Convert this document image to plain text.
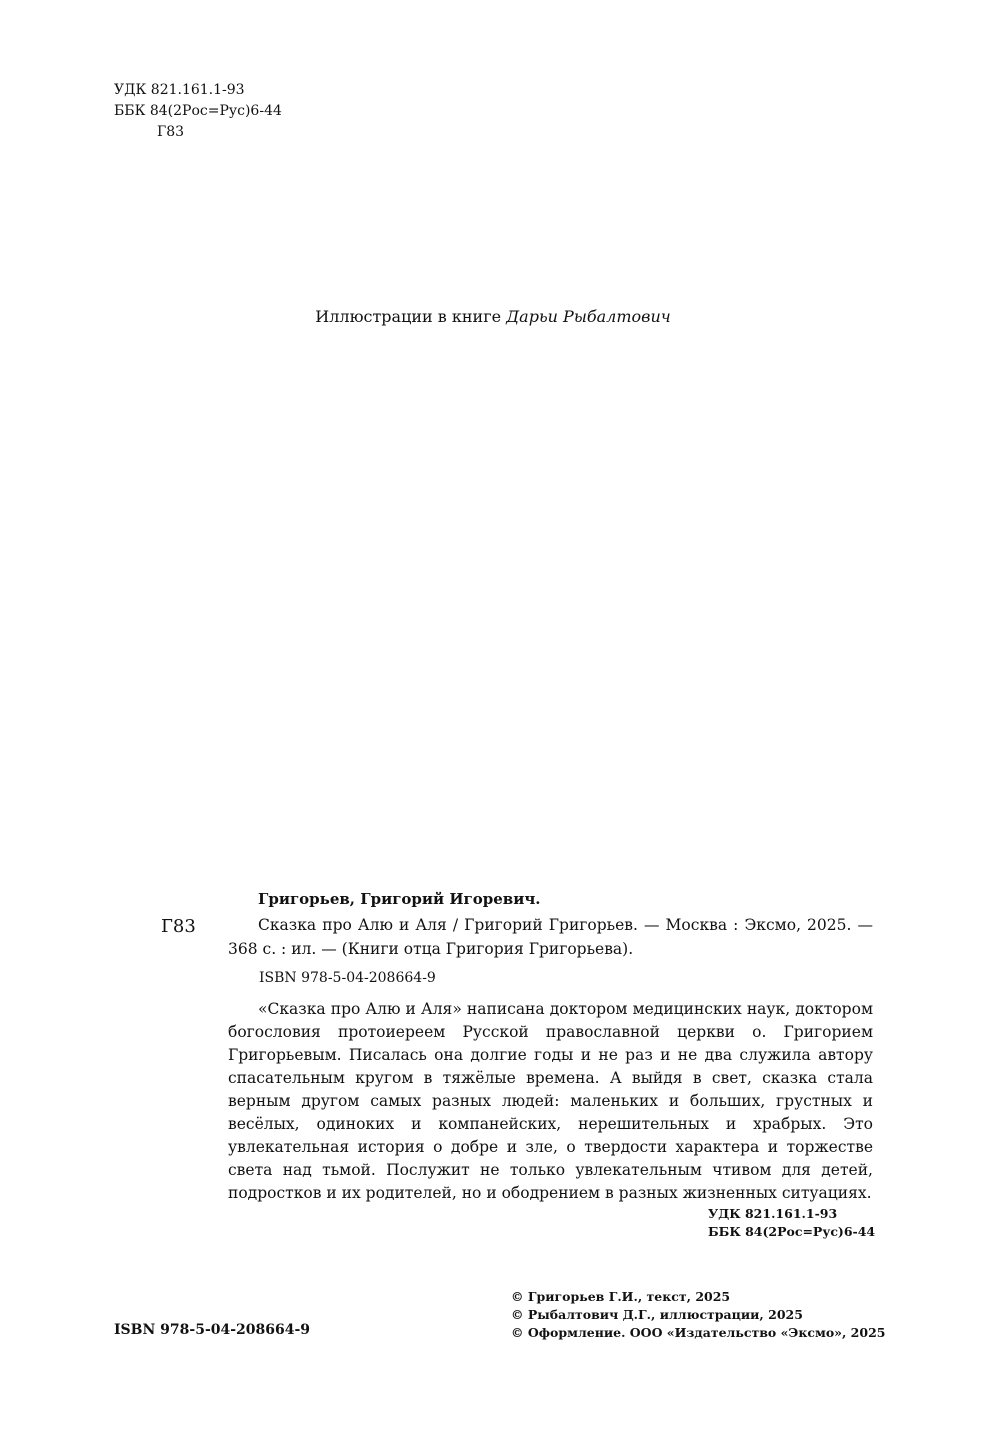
УДК 821.161.1-93
ББК 84(2Рос=Рус)6-44
Г83
Иллюстрации в книге Дарьи Рыбалтович
Григорьев, Григорий Игоревич.
Г83	Сказка про Алю и Аля / Григорий Григорьев. — Москва : Эксмо, 2025. — 368 с. : ил. — (Книги отца Григория Григорьева).

ISBN 978-5-04-208664-9

«Сказка про Алю и Аля» написана доктором медицинских наук, доктором богословия протоиереем Русской православной церкви о. Григорием Григорьевым. Писалась она долгие годы и не раз и не два служила автору спасательным кругом в тяжёлые времена. А выйдя в свет, сказка стала верным другом самых разных людей: маленьких и больших, грустных и весёлых, одиноких и компанейских, нерешительных и храбрых. Это увлекательная история о добре и зле, о твердости характера и торжестве света над тьмой. Послужит не только увлекательным чтивом для детей, подростков и их родителей, но и ободрением в разных жизненных ситуациях.

УДК 821.161.1-93
ББК 84(2Рос=Рус)6-44
© Григорьев Г.И., текст, 2025
© Рыбалтович Д.Г., иллюстрации, 2025
© Оформление. ООО «Издательство «Эксмо», 2025
ISBN 978-5-04-208664-9
